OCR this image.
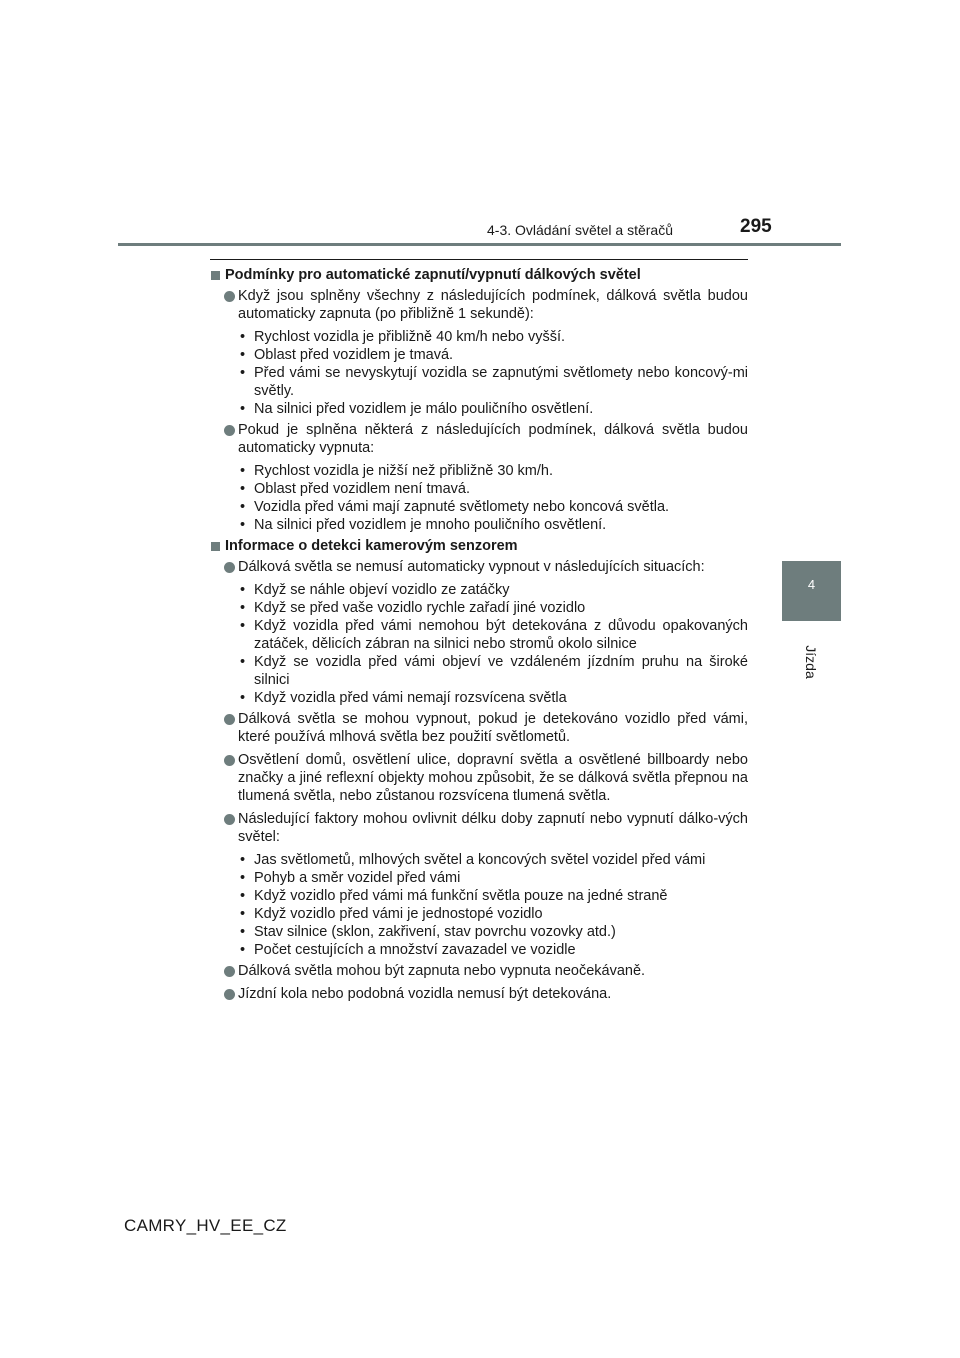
4-3. Ovládání světel a stěračů	295
4
Jízda
Podmínky pro automatické zapnutí/vypnutí dálkových světel
Když jsou splněny všechny z následujících podmínek, dálková světla budou automaticky zapnuta (po přibližně 1 sekundě):
• Rychlost vozidla je přibližně 40 km/h nebo vyšší.
• Oblast před vozidlem je tmavá.
• Před vámi se nevyskytují vozidla se zapnutými světlomety nebo koncový-mi světly.
• Na silnici před vozidlem je málo pouličního osvětlení.
Pokud je splněna některá z následujících podmínek, dálková světla budou automaticky vypnuta:
• Rychlost vozidla je nižší než přibližně 30 km/h.
• Oblast před vozidlem není tmavá.
• Vozidla před vámi mají zapnuté světlomety nebo koncová světla.
• Na silnici před vozidlem je mnoho pouličního osvětlení.
Informace o detekci kamerovým senzorem
Dálková světla se nemusí automaticky vypnout v následujících situacích:
• Když se náhle objeví vozidlo ze zatáčky
• Když se před vaše vozidlo rychle zařadí jiné vozidlo
• Když vozidla před vámi nemohou být detekována z důvodu opakovaných zatáček, dělicích zábran na silnici nebo stromů okolo silnice
• Když se vozidla před vámi objeví ve vzdáleném jízdním pruhu na široké silnici
• Když vozidla před vámi nemají rozsvícena světla
Dálková světla se mohou vypnout, pokud je detekováno vozidlo před vámi, které používá mlhová světla bez použití světlometů.
Osvětlení domů, osvětlení ulice, dopravní světla a osvětlené billboardy nebo značky a jiné reflexní objekty mohou způsobit, že se dálková světla přepnou na tlumená světla, nebo zůstanou rozsvícena tlumená světla.
Následující faktory mohou ovlivnit délku doby zapnutí nebo vypnutí dálko-vých světel:
• Jas světlometů, mlhových světel a koncových světel vozidel před vámi
• Pohyb a směr vozidel před vámi
• Když vozidlo před vámi má funkční světla pouze na jedné straně
• Když vozidlo před vámi je jednostopé vozidlo
• Stav silnice (sklon, zakřivení, stav povrchu vozovky atd.)
• Počet cestujících a množství zavazadel ve vozidle
Dálková světla mohou být zapnuta nebo vypnuta neočekávaně.
Jízdní kola nebo podobná vozidla nemusí být detekována.
CAMRY_HV_EE_CZ
